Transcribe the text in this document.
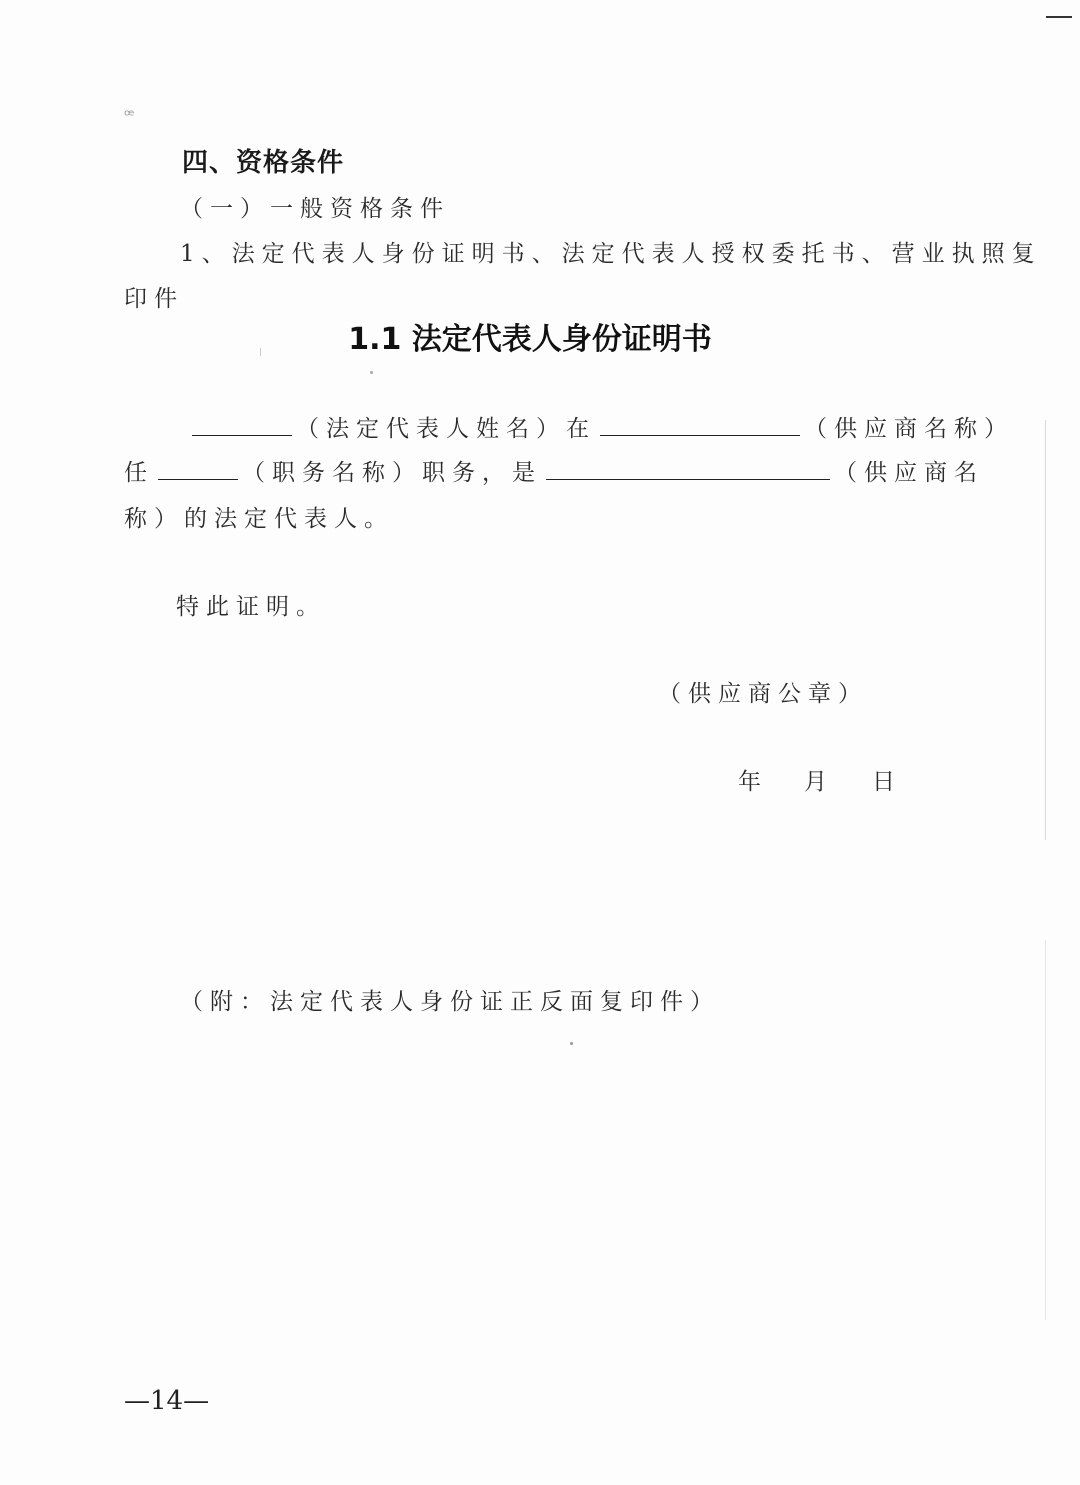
ꟹ
四、资格条件
（一）一般资格条件
1、法定代表人身份证明书、法定代表人授权委托书、营业执照复
印件
1.1 法定代表人身份证明书
（法定代表人姓名）在	（供应商名称）
任	（职务名称）职务，是	（供应商名
称）的法定代表人。
特此证明。
（供应商公章）
年 月 日
（附：法定代表人身份证正反面复印件）
—14—
